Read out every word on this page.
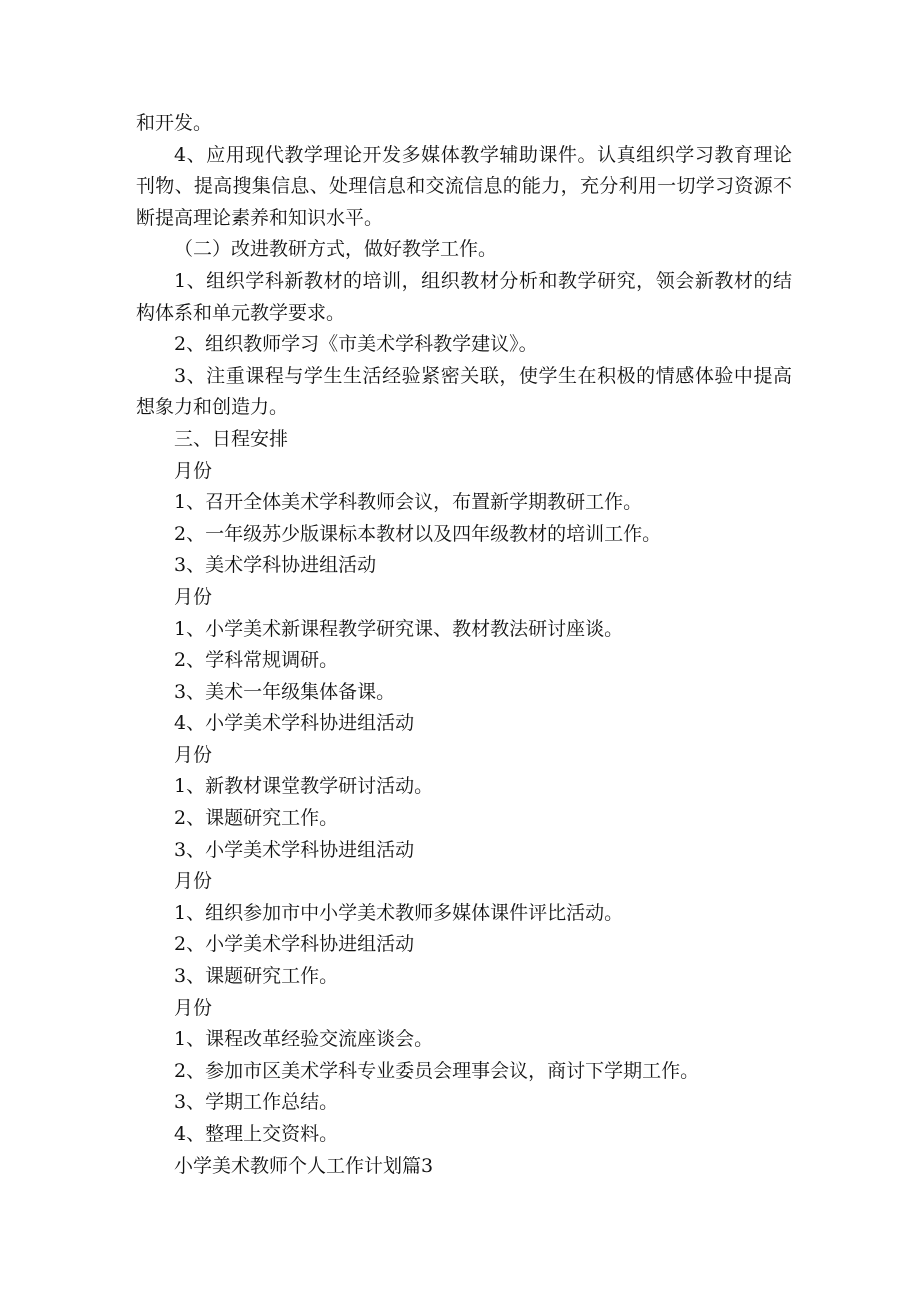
和开发。

4、应用现代教学理论开发多媒体教学辅助课件。认真组织学习教育理论刊物、提高搜集信息、处理信息和交流信息的能力，充分利用一切学习资源不断提高理论素养和知识水平。

（二）改进教研方式，做好教学工作。

1、组织学科新教材的培训，组织教材分析和教学研究，领会新教材的结构体系和单元教学要求。

2、组织教师学习《市美术学科教学建议》。

3、注重课程与学生生活经验紧密关联，使学生在积极的情感体验中提高想象力和创造力。

三、日程安排

月份

1、召开全体美术学科教师会议，布置新学期教研工作。

2、一年级苏少版课标本教材以及四年级教材的培训工作。

3、美术学科协进组活动

月份

1、小学美术新课程教学研究课、教材教法研讨座谈。

2、学科常规调研。

3、美术一年级集体备课。

4、小学美术学科协进组活动

月份

1、新教材课堂教学研讨活动。

2、课题研究工作。

3、小学美术学科协进组活动

月份

1、组织参加市中小学美术教师多媒体课件评比活动。

2、小学美术学科协进组活动

3、课题研究工作。

月份

1、课程改革经验交流座谈会。

2、参加市区美术学科专业委员会理事会议，商讨下学期工作。

3、学期工作总结。

4、整理上交资料。

小学美术教师个人工作计划篇3
